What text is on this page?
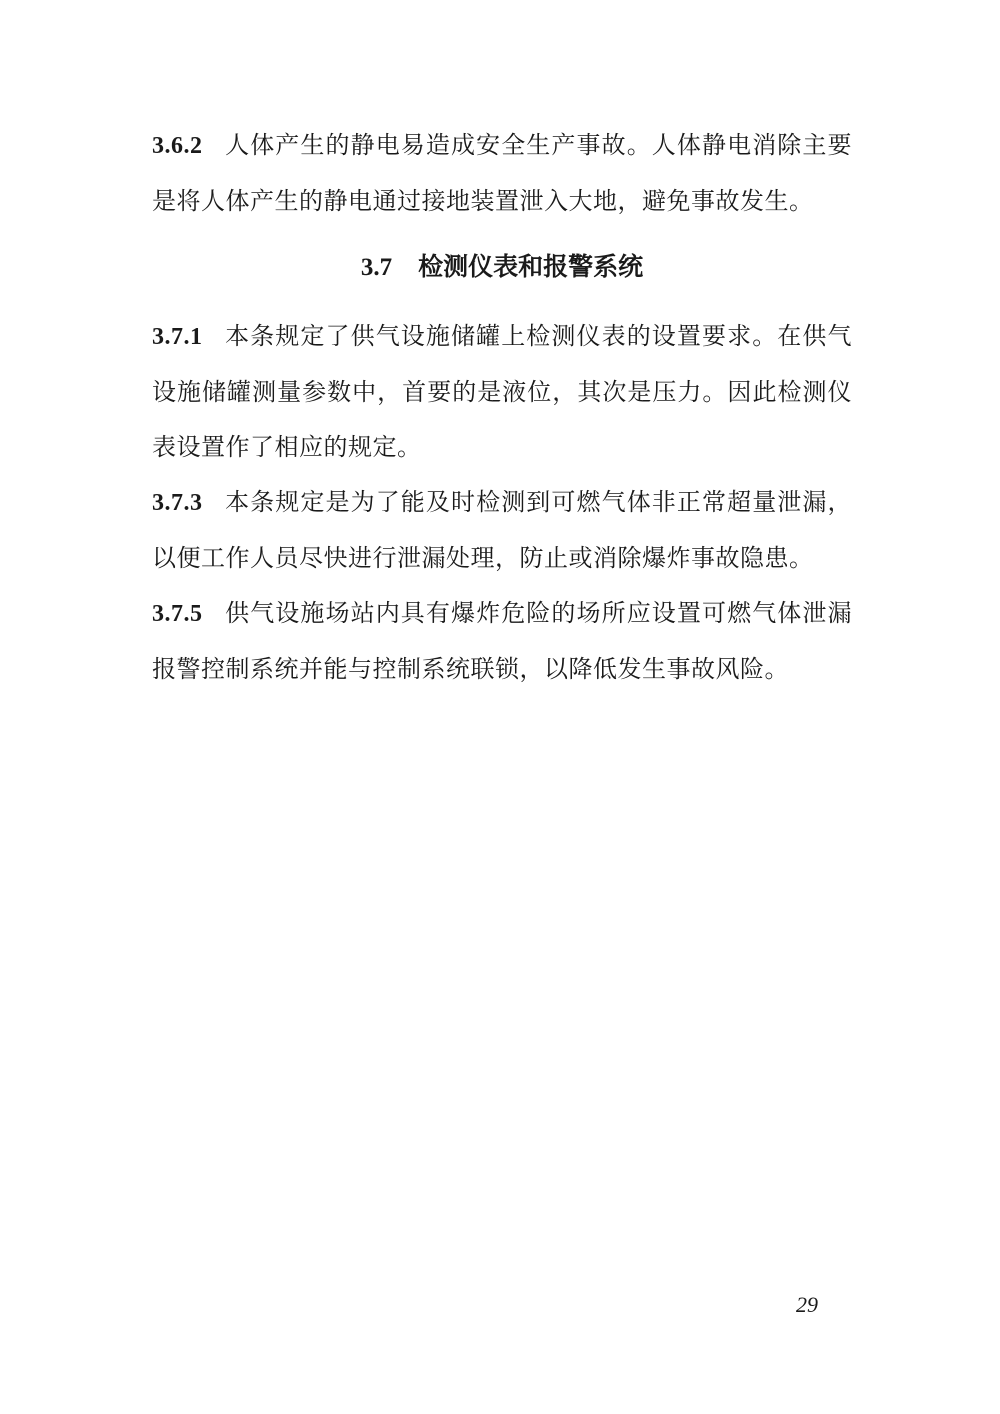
3.6.2 人体产生的静电易造成安全生产事故。人体静电消除主要是将人体产生的静电通过接地装置泄入大地，避免事故发生。

3.7 检测仪表和报警系统

3.7.1 本条规定了供气设施储罐上检测仪表的设置要求。在供气设施储罐测量参数中，首要的是液位，其次是压力。因此检测仪表设置作了相应的规定。

3.7.3 本条规定是为了能及时检测到可燃气体非正常超量泄漏，以便工作人员尽快进行泄漏处理，防止或消除爆炸事故隐患。

3.7.5 供气设施场站内具有爆炸危险的场所应设置可燃气体泄漏报警控制系统并能与控制系统联锁，以降低发生事故风险。

29
